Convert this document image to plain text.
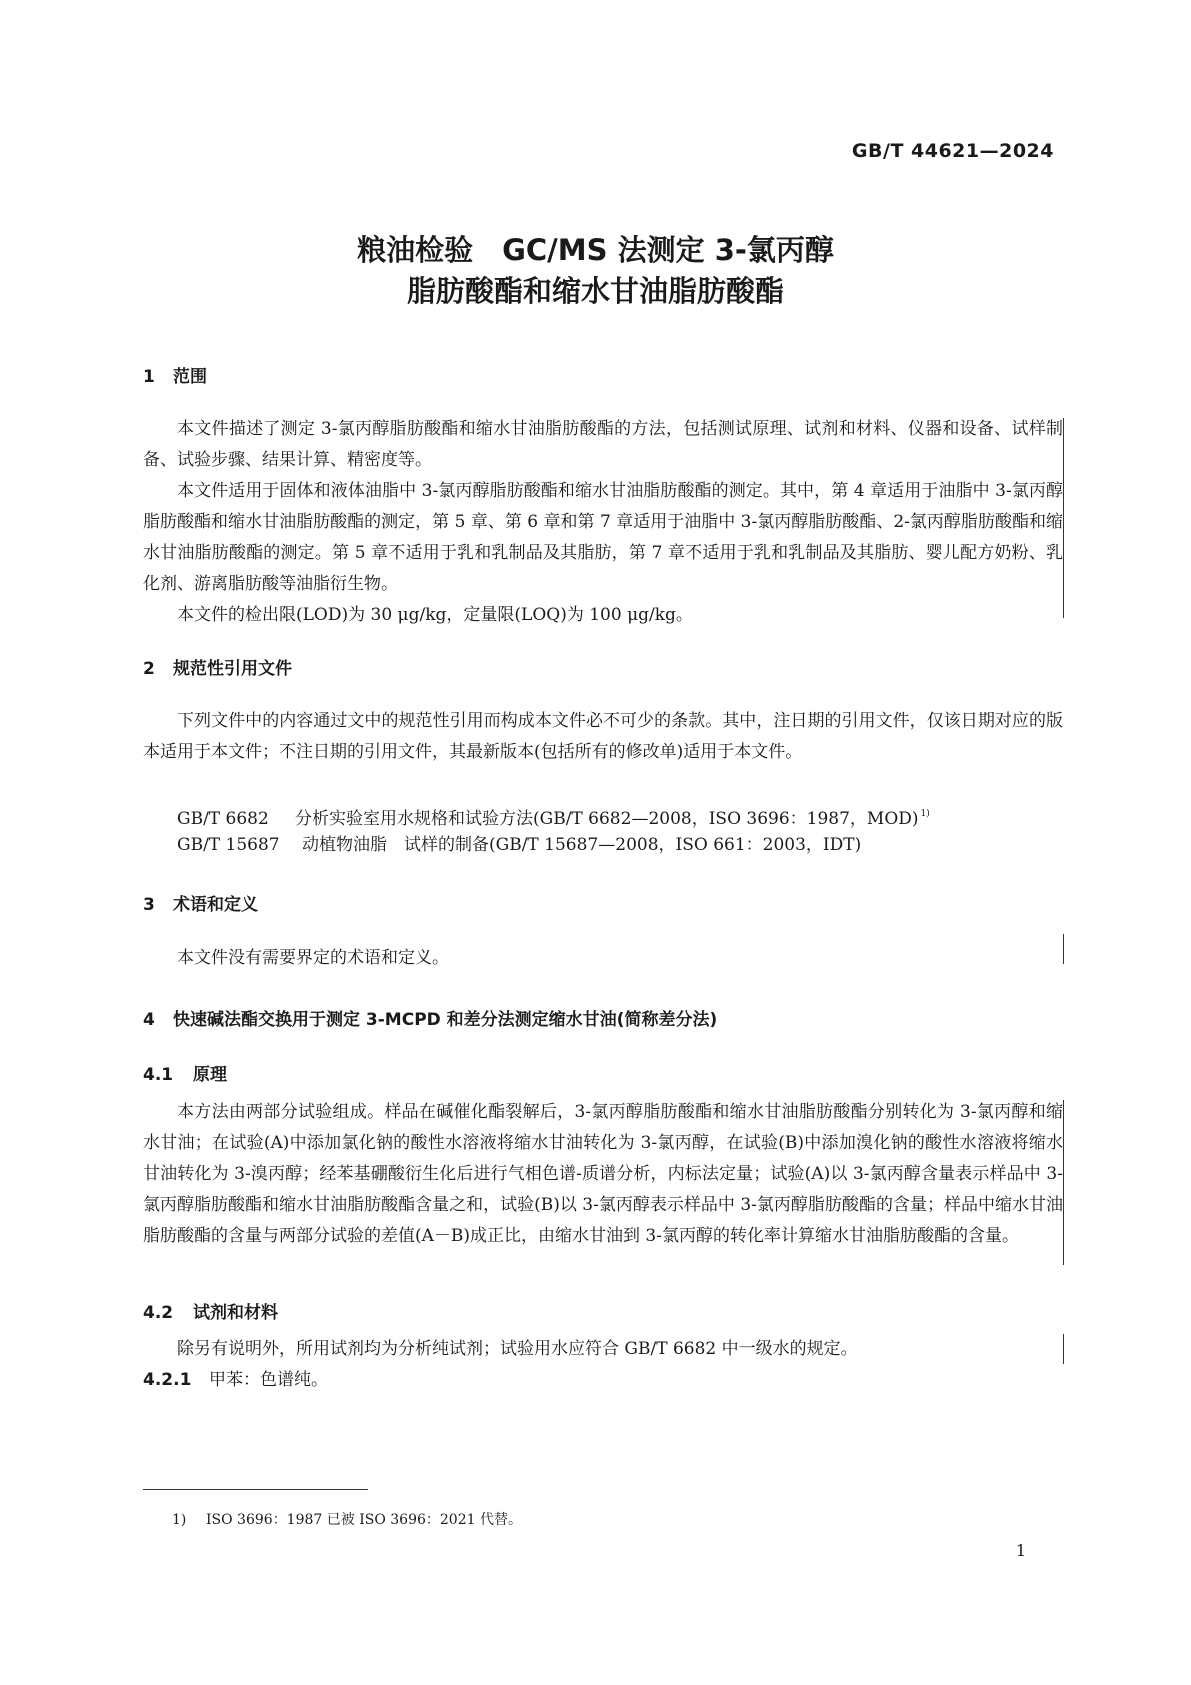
GB/T 44621—2024
粮油检验　GC/MS 法测定 3-氯丙醇
脂肪酸酯和缩水甘油脂肪酸酯
1 范围
本文件描述了测定 3-氯丙醇脂肪酸酯和缩水甘油脂肪酸酯的方法，包括测试原理、试剂和材料、仪器和设备、试样制备、试验步骤、结果计算、精密度等。
本文件适用于固体和液体油脂中 3-氯丙醇脂肪酸酯和缩水甘油脂肪酸酯的测定。其中，第 4 章适用于油脂中 3-氯丙醇脂肪酸酯和缩水甘油脂肪酸酯的测定，第 5 章、第 6 章和第 7 章适用于油脂中 3-氯丙醇脂肪酸酯、2-氯丙醇脂肪酸酯和缩水甘油脂肪酸酯的测定。第 5 章不适用于乳和乳制品及其脂肪，第 7 章不适用于乳和乳制品及其脂肪、婴儿配方奶粉、乳化剂、游离脂肪酸等油脂衍生物。
本文件的检出限(LOD)为 30 μg/kg，定量限(LOQ)为 100 μg/kg。
2 规范性引用文件
下列文件中的内容通过文中的规范性引用而构成本文件必不可少的条款。其中，注日期的引用文件，仅该日期对应的版本适用于本文件；不注日期的引用文件，其最新版本(包括所有的修改单)适用于本文件。
GB/T 6682 分析实验室用水规格和试验方法(GB/T 6682—2008，ISO 3696：1987，MOD) $^{1)}$
GB/T 15687 动植物油脂　试样的制备(GB/T 15687—2008，ISO 661：2003，IDT)
3 术语和定义
本文件没有需要界定的术语和定义。
4 快速碱法酯交换用于测定 3-MCPD 和差分法测定缩水甘油(简称差分法)
4.1 原理
本方法由两部分试验组成。样品在碱催化酯裂解后，3-氯丙醇脂肪酸酯和缩水甘油脂肪酸酯分别转化为 3-氯丙醇和缩水甘油；在试验(A)中添加氯化钠的酸性水溶液将缩水甘油转化为 3-氯丙醇，在试验(B)中添加溴化钠的酸性水溶液将缩水甘油转化为 3-溴丙醇；经苯基硼酸衍生化后进行气相色谱-质谱分析，内标法定量；试验(A)以 3-氯丙醇含量表示样品中 3-氯丙醇脂肪酸酯和缩水甘油脂肪酸酯含量之和，试验(B)以 3-氯丙醇表示样品中 3-氯丙醇脂肪酸酯的含量；样品中缩水甘油脂肪酸酯的含量与两部分试验的差值(A－B)成正比，由缩水甘油到 3-氯丙醇的转化率计算缩水甘油脂肪酸酯的含量。
4.2 试剂和材料
除另有说明外，所用试剂均为分析纯试剂；试验用水应符合 GB/T 6682 中一级水的规定。
4.2.1 甲苯：色谱纯。
1) ISO 3696：1987 已被 ISO 3696：2021 代替。
1
